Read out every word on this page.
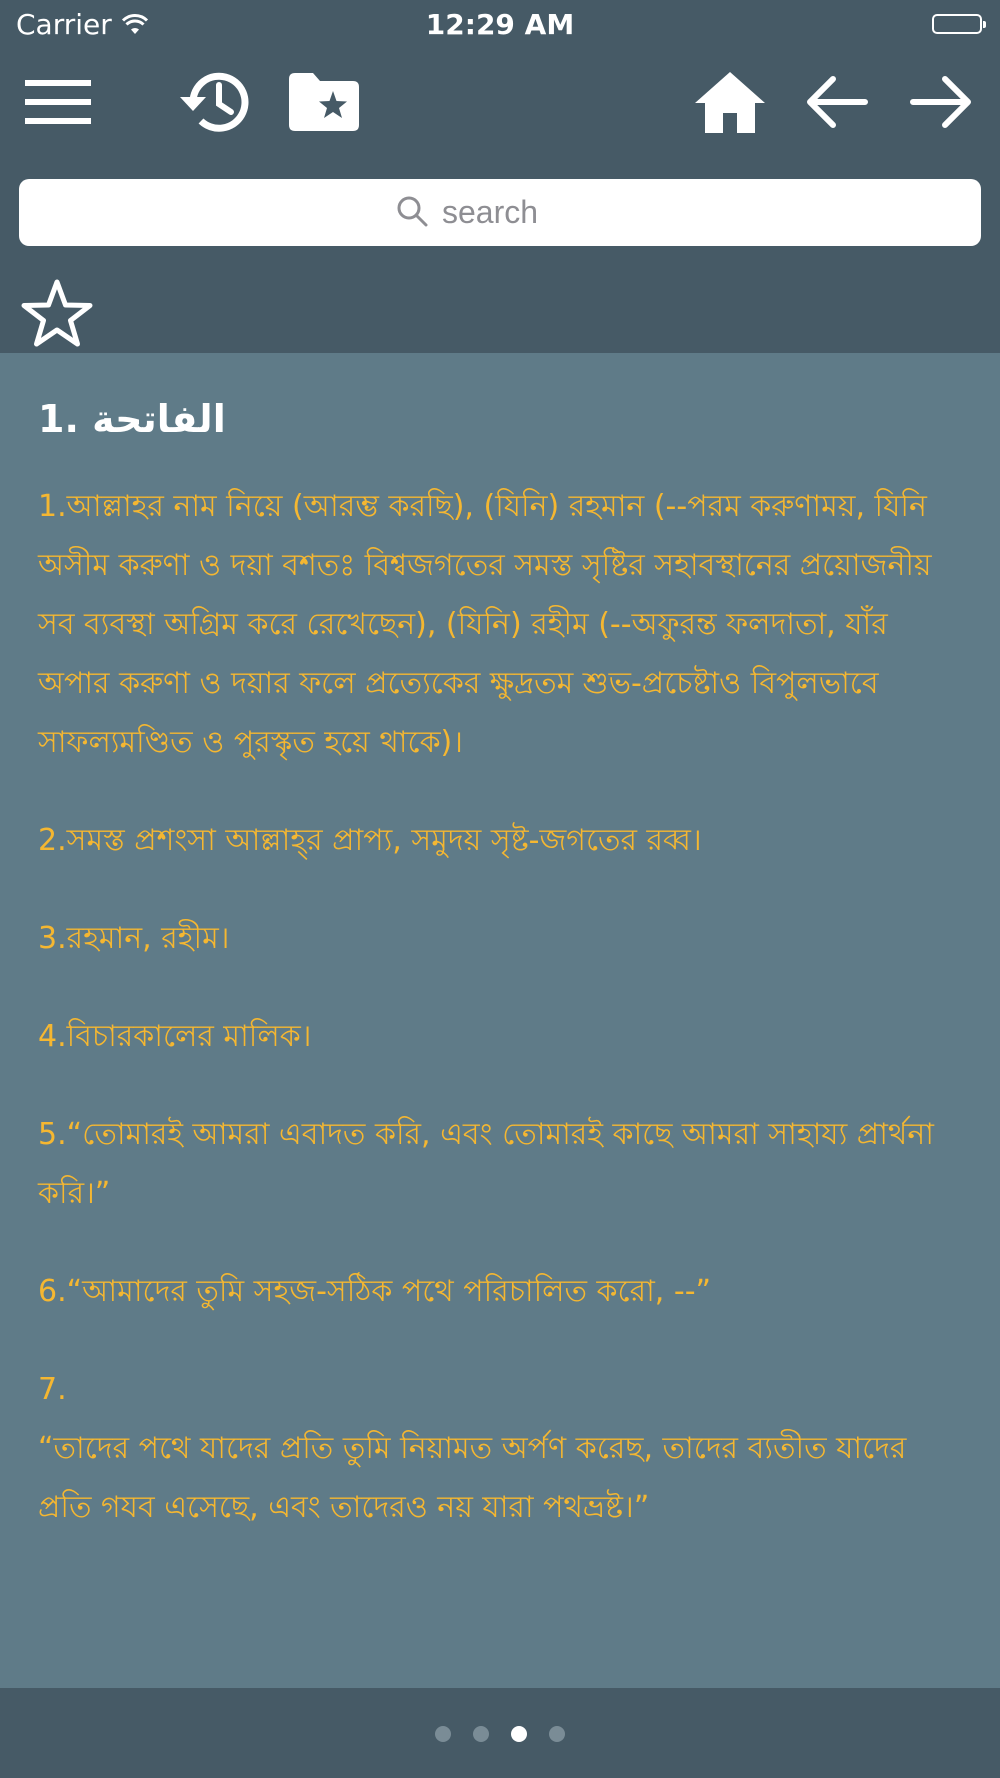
Carrier	12:29 AM
search
1. الفاتحة

1.আল্লাহর নাম নিয়ে (আরম্ভ করছি), (যিনি) রহমান (--পরম করুণাময়, যিনি অসীম করুণা ও দয়া বশতঃ বিশ্বজগতের সমস্ত সৃষ্টির সহাবস্থানের প্রয়োজনীয় সব ব্যবস্থা অগ্রিম করে রেখেছেন), (যিনি) রহীম (--অফুরন্ত ফলদাতা, যাঁর অপার করুণা ও দয়ার ফলে প্রত্যেকের ক্ষুদ্রতম শুভ-প্রচেষ্টাও বিপুলভাবে সাফল্যমণ্ডিত ও পুরস্কৃত হয়ে থাকে)।

2.সমস্ত প্রশংসা আল্লাহ্‌র প্রাপ্য, সমুদয় সৃষ্ট-জগতের রব্ব।

3.রহমান, রহীম।

4.বিচারকালের মালিক।

5.“তোমারই আমরা এবাদত করি, এবং তোমারই কাছে আমরা সাহায্য প্রার্থনা করি।”

6.“আমাদের তুমি সহজ-সঠিক পথে পরিচালিত করো, --”

7.

“তাদের পথে যাদের প্রতি তুমি নিয়ামত অর্পণ করেছ, তাদের ব্যতীত যাদের প্রতি গযব এসেছে, এবং তাদেরও নয় যারা পথভ্রষ্ট।”
